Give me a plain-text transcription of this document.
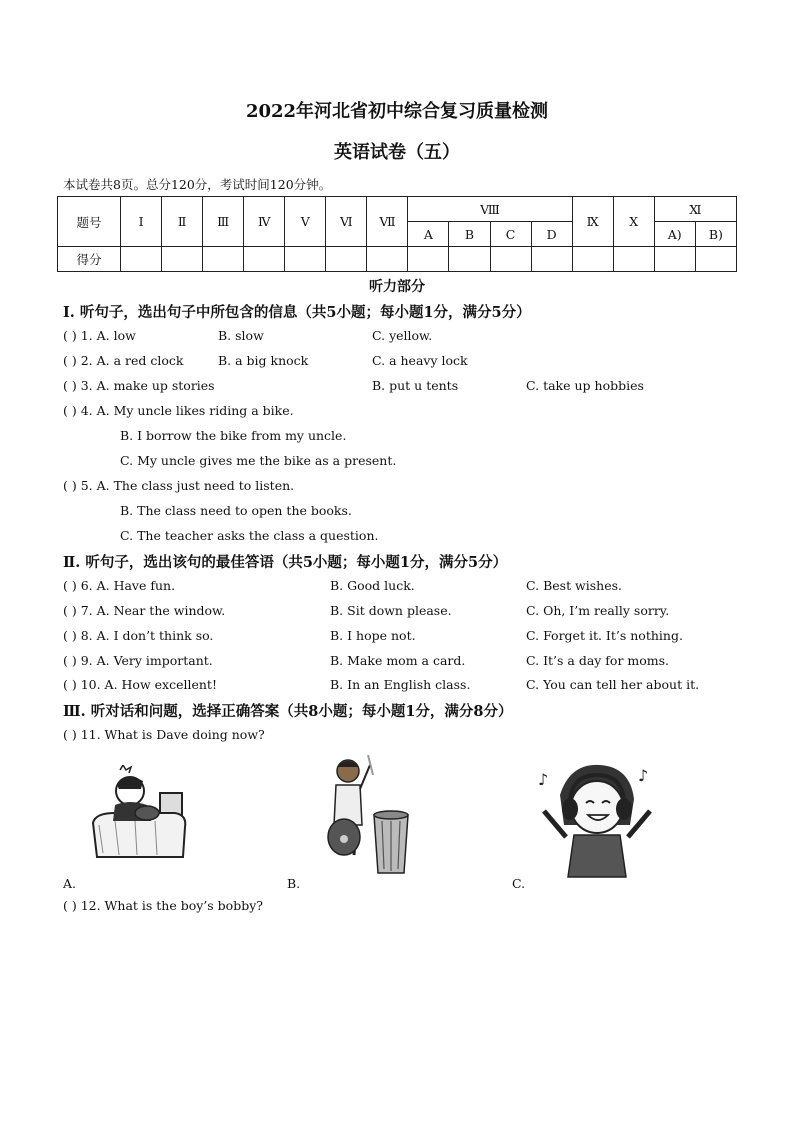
2022年河北省初中综合复习质量检测
英语试卷（五）
本试卷共8页。总分120分，考试时间120分钟。
题号	Ⅰ	Ⅱ	Ⅲ	Ⅳ	Ⅴ	Ⅵ	Ⅶ	Ⅷ				Ⅸ	Ⅹ	Ⅺ	
								A	B	C	D			A)	B)
得分															
听力部分
Ⅰ. 听句子，选出句子中所包含的信息（共5小题；每小题1分，满分5分）
( ) 1. A. low	B. slow	C. yellow.
( ) 2. A. a red clock	B. a big knock	C. a heavy lock
( ) 3. A. make up stories	B. put u tents	C. take up hobbies
( ) 4. A. My uncle likes riding a bike.
B. I borrow the bike from my uncle.
C. My uncle gives me the bike as a present.
( ) 5. A. The class just need to listen.
B. The class need to open the books.
C. The teacher asks the class a question.
Ⅱ. 听句子，选出该句的最佳答语（共5小题；每小题1分，满分5分）
( ) 6. A. Have fun.	B. Good luck.	C. Best wishes.
( ) 7. A. Near the window.	B. Sit down please.	C. Oh, I’m really sorry.
( ) 8. A. I don’t think so.	B. I hope not.	C. Forget it. It’s nothing.
( ) 9. A. Very important.	B. Make mom a card.	C. It’s a day for moms.
( ) 10. A. How excellent!	B. In an English class.	C. You can tell her about it.
Ⅲ. 听对话和问题，选择正确答案（共8小题；每小题1分，满分8分）
( ) 11. What is Dave doing now?
♪	♪
A.	B.	C.
( ) 12. What is the boy’s bobby?
